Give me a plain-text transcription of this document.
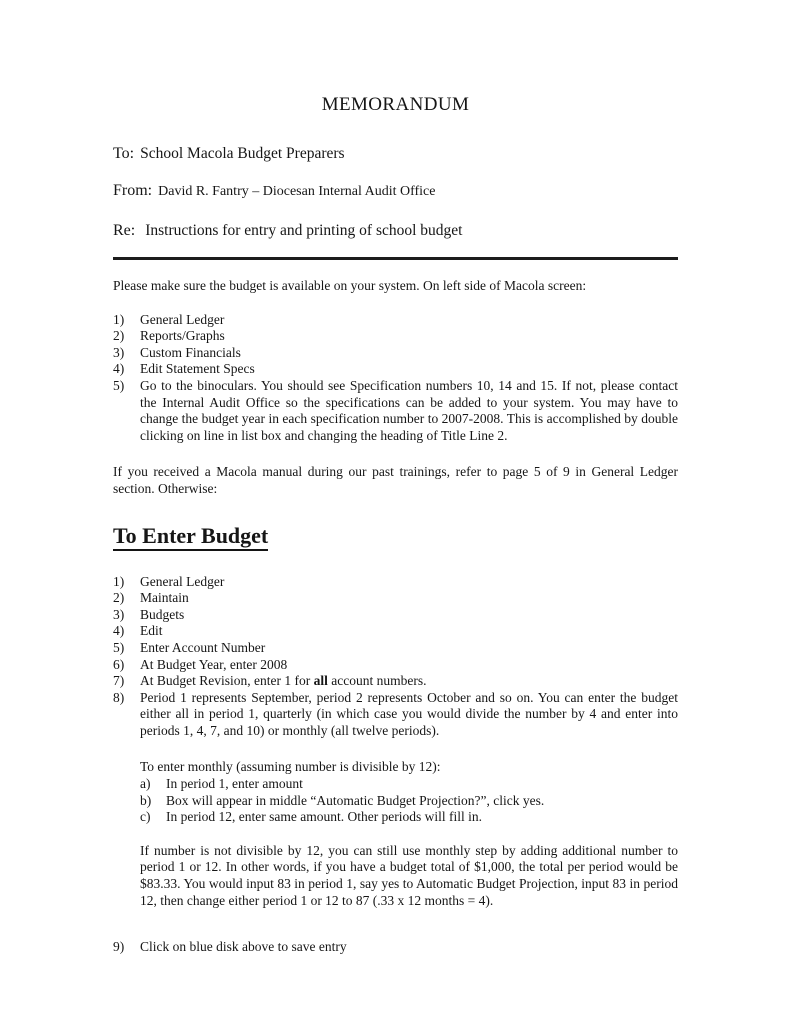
MEMORANDUM
To: School Macola Budget Preparers
From: David R. Fantry – Diocesan Internal Audit Office
Re: Instructions for entry and printing of school budget
Please make sure the budget is available on your system. On left side of Macola screen:
1)	General Ledger
2)	Reports/Graphs
3)	Custom Financials
4)	Edit Statement Specs
5)	Go to the binoculars. You should see Specification numbers 10, 14 and 15. If not, please contact the Internal Audit Office so the specifications can be added to your system. You may have to change the budget year in each specification number to 2007-2008. This is accomplished by double clicking on line in list box and changing the heading of Title Line 2.
If you received a Macola manual during our past trainings, refer to page 5 of 9 in General Ledger section. Otherwise:
To Enter Budget
1)	General Ledger
2)	Maintain
3)	Budgets
4)	Edit
5)	Enter Account Number
6)	At Budget Year, enter 2008
7)	At Budget Revision, enter 1 for all account numbers.
8)	Period 1 represents September, period 2 represents October and so on. You can enter the budget either all in period 1, quarterly (in which case you would divide the number by 4 and enter into periods 1, 4, 7, and 10) or monthly (all twelve periods).
To enter monthly (assuming number is divisible by 12):
a)	In period 1, enter amount
b)	Box will appear in middle “Automatic Budget Projection?”, click yes.
c)	In period 12, enter same amount. Other periods will fill in.
If number is not divisible by 12, you can still use monthly step by adding additional number to period 1 or 12. In other words, if you have a budget total of $1,000, the total per period would be $83.33. You would input 83 in period 1, say yes to Automatic Budget Projection, input 83 in period 12, then change either period 1 or 12 to 87 (.33 x 12 months = 4).
9)	Click on blue disk above to save entry
